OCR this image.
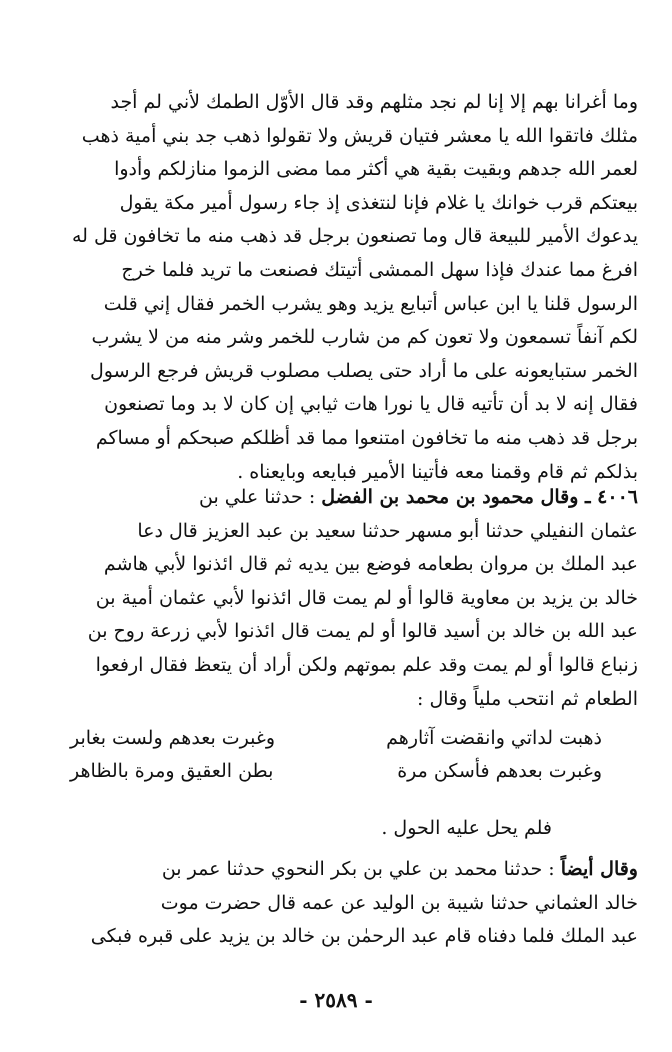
وما أغرانا بهم إلا إنا لم نجد مثلهم وقد قال الأوّل الطمك لأني لم أجد
مثلك فاتقوا الله يا معشر فتيان قريش ولا تقولوا ذهب جد بني أمية ذهب
لعمر الله جدهم وبقيت بقية هي أكثر مما مضى الزموا منازلكم وأدوا
بيعتكم قرب خوانك يا غلام فإنا لنتغذى إذ جاء رسول أمير مكة يقول
يدعوك الأمير للبيعة قال وما تصنعون برجل قد ذهب منه ما تخافون قل له
افرغ مما عندك فإذا سهل الممشى أتيتك فصنعت ما تريد فلما خرج
الرسول قلنا يا ابن عباس أتبايع يزيد وهو يشرب الخمر فقال إني قلت
لكم آنفاً تسمعون ولا تعون كم من شارب للخمر وشر منه من لا يشرب
الخمر ستبايعونه على ما أراد حتى يصلب مصلوب قريش فرجع الرسول
فقال إنه لا بد أن تأتيه قال يا نورا هات ثيابي إن كان لا بد وما تصنعون
برجل قد ذهب منه ما تخافون امتنعوا مما قد أظلكم صبحكم أو مساكم
بذلكم ثم قام وقمنا معه فأتينا الأمير فبايعه وبايعناه .
٤٠٠٦ ـ وقال محمود بن محمد بن الفضل : حدثنا علي بن
عثمان النفيلي حدثنا أبو مسهر حدثنا سعيد بن عبد العزيز قال دعا
عبد الملك بن مروان بطعامه فوضع بين يديه ثم قال ائذنوا لأبي هاشم
خالد بن يزيد بن معاوية قالوا أو لم يمت قال ائذنوا لأبي عثمان أمية بن
عبد الله بن خالد بن أسيد قالوا أو لم يمت قال ائذنوا لأبي زرعة روح بن
زنباع قالوا أو لم يمت وقد علم بموتهم ولكن أراد أن يتعظ فقال ارفعوا
الطعام ثم انتحب ملياً وقال :
ذهبت لداتي وانقضت آثارهم
وغبرت بعدهم ولست بغابر
وغبرت بعدهم فأسكن مرة
بطن العقيق ومرة بالظاهر
فلم يحل عليه الحول .
وقال أيضاً : حدثنا محمد بن علي بن بكر النحوي حدثنا عمر بن
خالد العثماني حدثنا شيبة بن الوليد عن عمه قال حضرت موت
عبد الملك فلما دفناه قام عبد الرحمٰن بن خالد بن يزيد على قبره فبكى
- ٢٥٨٩ -
